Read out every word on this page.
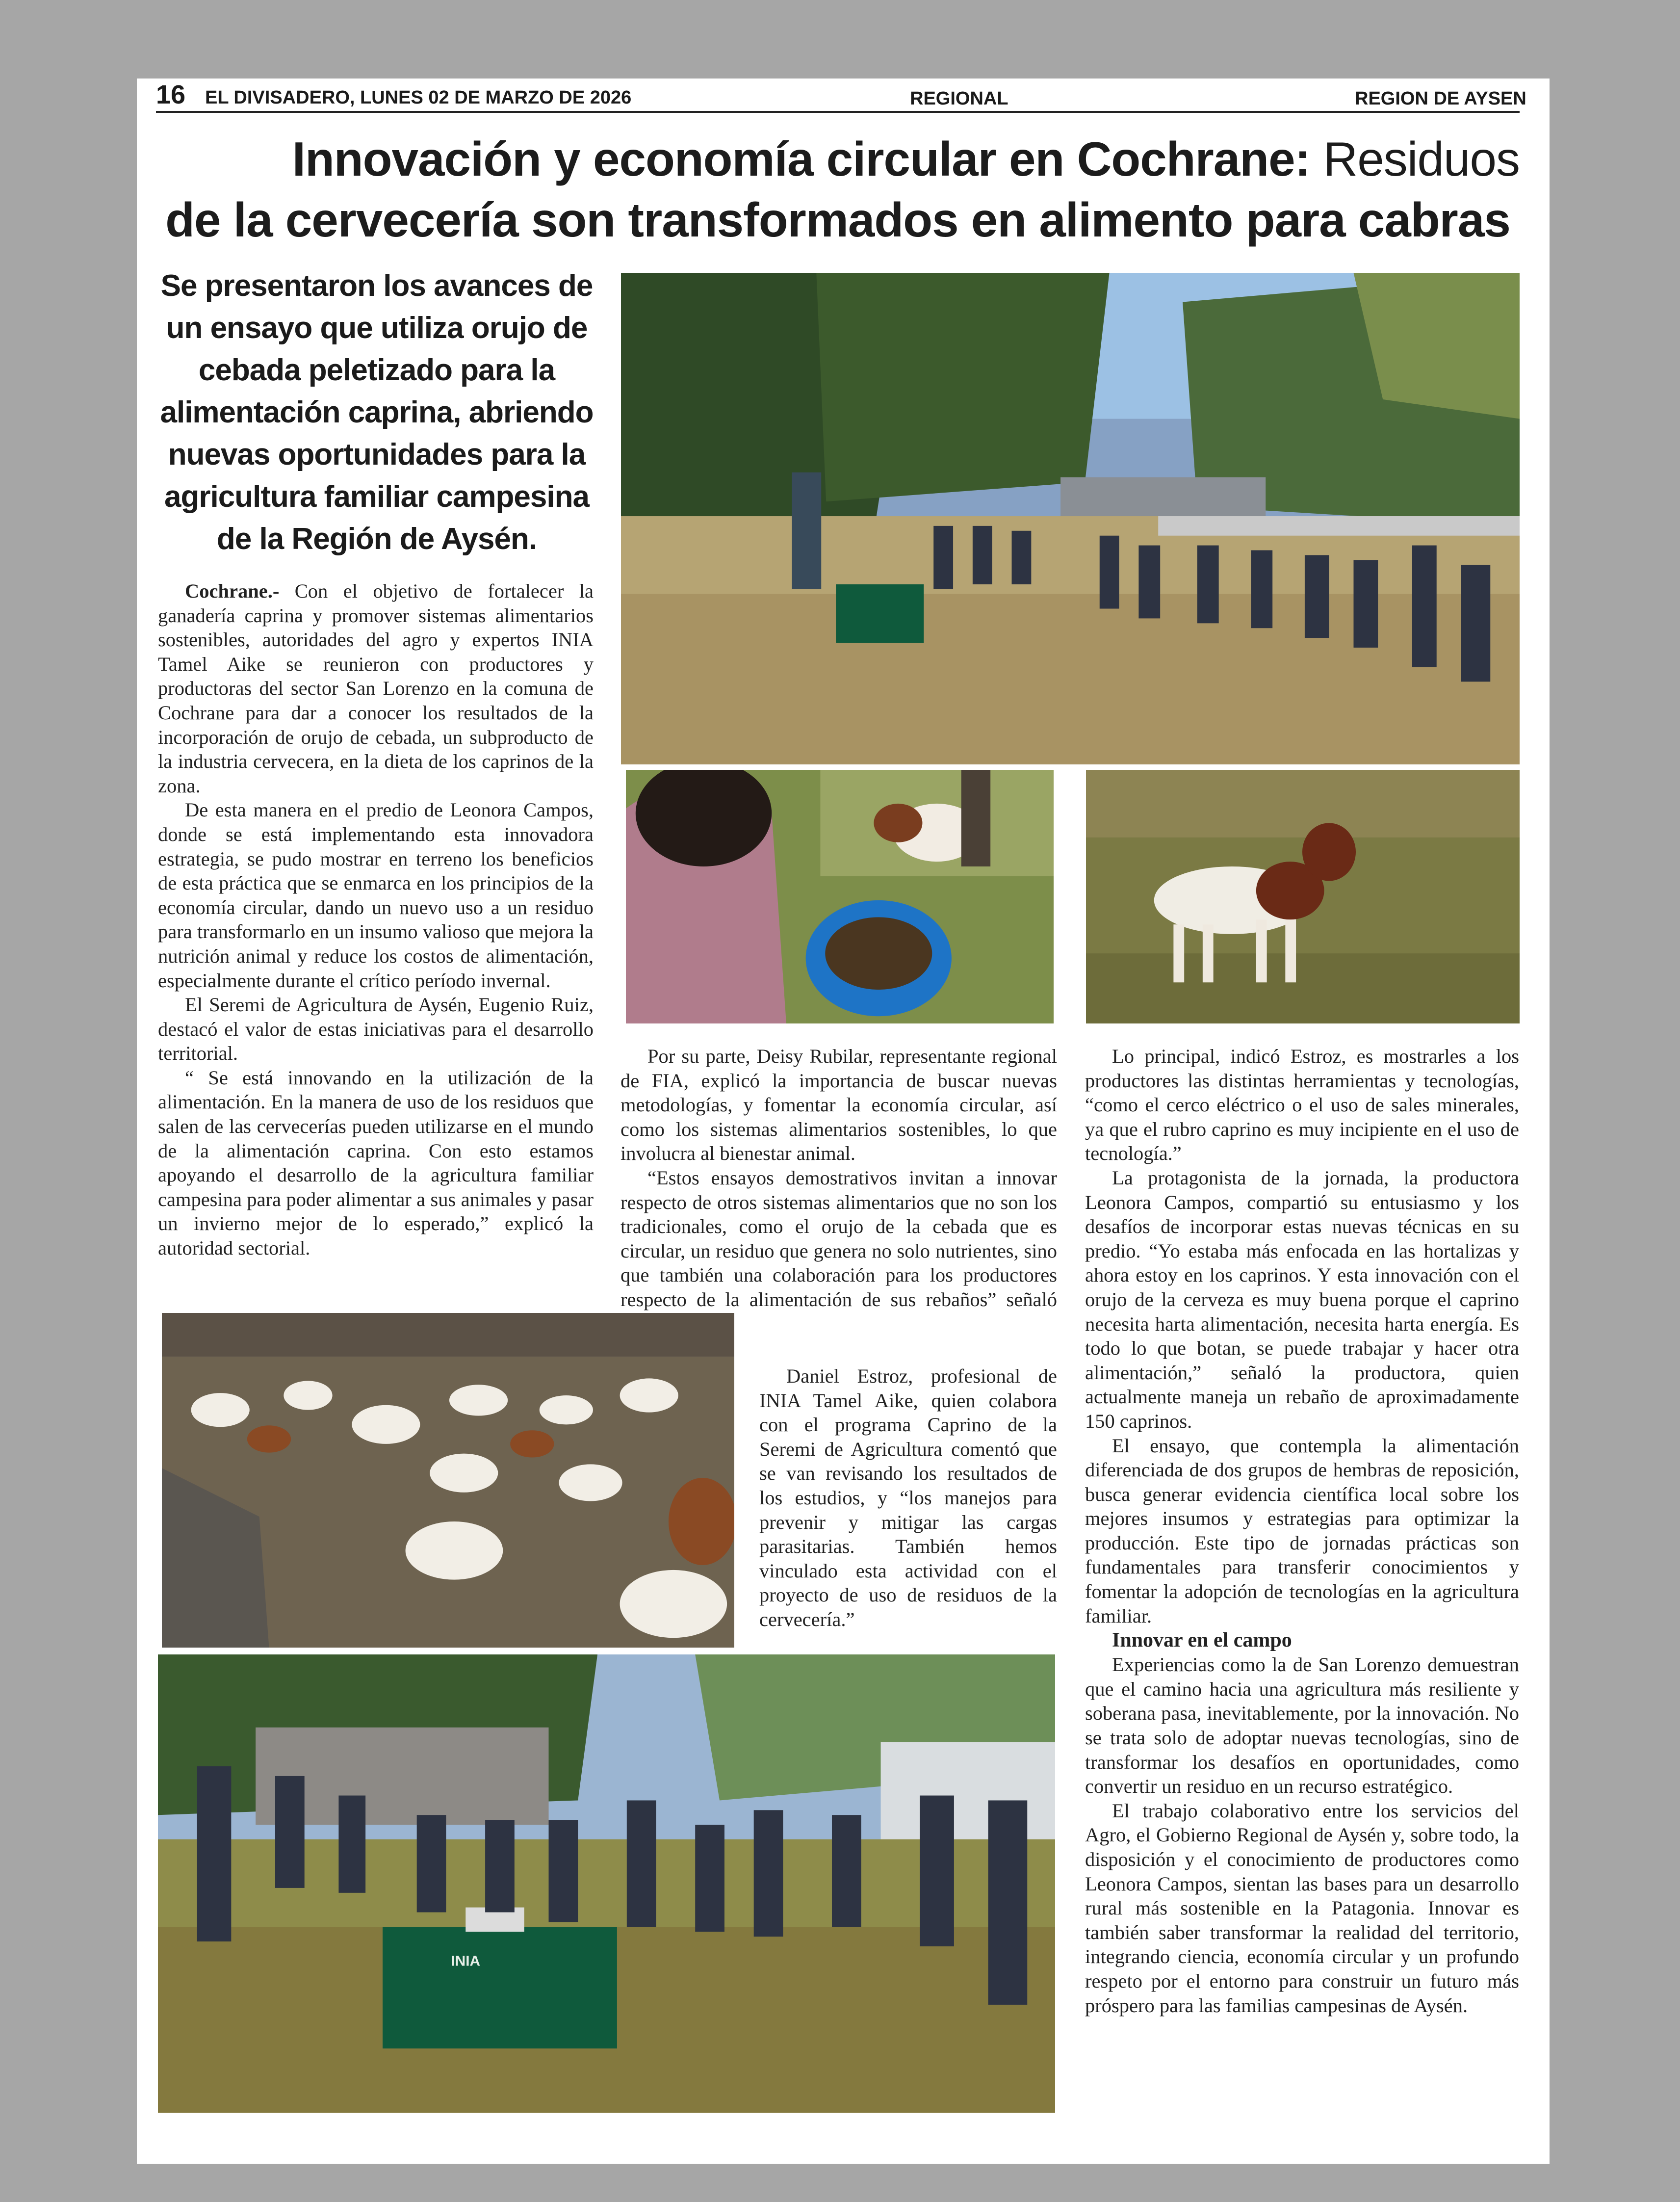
16 EL DIVISADERO, LUNES 02 DE MARZO DE 2026	REGIONAL	REGION DE AYSEN
Innovación y economía circular en Cochrane: Residuos
de la cervecería son transformados en alimento para cabras
Se presentaron los avances de un ensayo que utiliza orujo de cebada peletizado para la alimentación caprina, abriendo nuevas oportunidades para la agricultura familiar campesina de la Región de Aysén.

Cochrane.- Con el objetivo de fortalecer la ganadería caprina y promover sistemas alimentarios sostenibles, autoridades del agro y expertos INIA Tamel Aike se reunieron con productores y productoras del sector San Lorenzo en la comuna de Cochrane para dar a conocer los resultados de la incorporación de orujo de cebada, un subproducto de la industria cervecera, en la dieta de los caprinos de la zona.

De esta manera en el predio de Leonora Campos, donde se está implementando esta innovadora estrategia, se pudo mostrar en terreno los beneficios de esta práctica que se enmarca en los principios de la economía circular, dando un nuevo uso a un residuo para transformarlo en un insumo valioso que mejora la nutrición animal y reduce los costos de alimentación, especialmente durante el crítico período invernal.

El Seremi de Agricultura de Aysén, Eugenio Ruiz, destacó el valor de estas iniciativas para el desarrollo territorial.

“ Se está innovando en la utilización de la alimentación. En la manera de uso de los residuos que salen de las cervecerías pueden utilizarse en el mundo de la alimentación caprina. Con esto estamos apoyando el desarrollo de la agricultura familiar campesina para poder alimentar a sus animales y pasar un invierno mejor de lo esperado,” explicó la autoridad sectorial.

Por su parte, Deisy Rubilar, representante regional de FIA, explicó la importancia de buscar nuevas metodologías, y fomentar la economía circular, así como los sistemas alimentarios sostenibles, lo que involucra al bienestar animal.

“Estos ensayos demostrativos invitan a innovar respecto de otros sistemas alimentarios que no son los tradicionales, como el orujo de la cebada que es circular, un residuo que genera no solo nutrientes, sino que también una colaboración para los productores respecto de la alimentación de sus rebaños” señaló

Daniel Estroz, profesional de INIA Tamel Aike, quien colabora con el programa Caprino de la Seremi de Agricultura comentó que se van revisando los resultados de los estudios, y “los manejos para prevenir y mitigar las cargas parasitarias. También hemos vinculado esta actividad con el proyecto de uso de residuos de la cervecería.”

Lo principal, indicó Estroz, es mostrarles a los productores las distintas herramientas y tecnologías, “como el cerco eléctrico o el uso de sales minerales, ya que el rubro caprino es muy incipiente en el uso de tecnología.”

La protagonista de la jornada, la productora Leonora Campos, compartió su entusiasmo y los desafíos de incorporar estas nuevas técnicas en su predio. “Yo estaba más enfocada en las hortalizas y ahora estoy en los caprinos. Y esta innovación con el orujo de la cerveza es muy buena porque el caprino necesita harta alimentación, necesita harta energía. Es todo lo que botan, se puede trabajar y hacer otra alimentación,” señaló la productora, quien actualmente maneja un rebaño de aproximadamente 150 caprinos.

El ensayo, que contempla la alimentación diferenciada de dos grupos de hembras de reposición, busca generar evidencia científica local sobre los mejores insumos y estrategias para optimizar la producción. Este tipo de jornadas prácticas son fundamentales para transferir conocimientos y fomentar la adopción de tecnologías en la agricultura familiar.

Innovar en el campo

Experiencias como la de San Lorenzo demuestran que el camino hacia una agricultura más resiliente y soberana pasa, inevitablemente, por la innovación. No se trata solo de adoptar nuevas tecnologías, sino de transformar los desafíos en oportunidades, como convertir un residuo en un recurso estratégico.

El trabajo colaborativo entre los servicios del Agro, el Gobierno Regional de Aysén y, sobre todo, la disposición y el conocimiento de productores como Leonora Campos, sientan las bases para un desarrollo rural más sostenible en la Patagonia. Innovar es también saber transformar la realidad del territorio, integrando ciencia, economía circular y un profundo respeto por el entorno para construir un futuro más próspero para las familias campesinas de Aysén.

INIA
